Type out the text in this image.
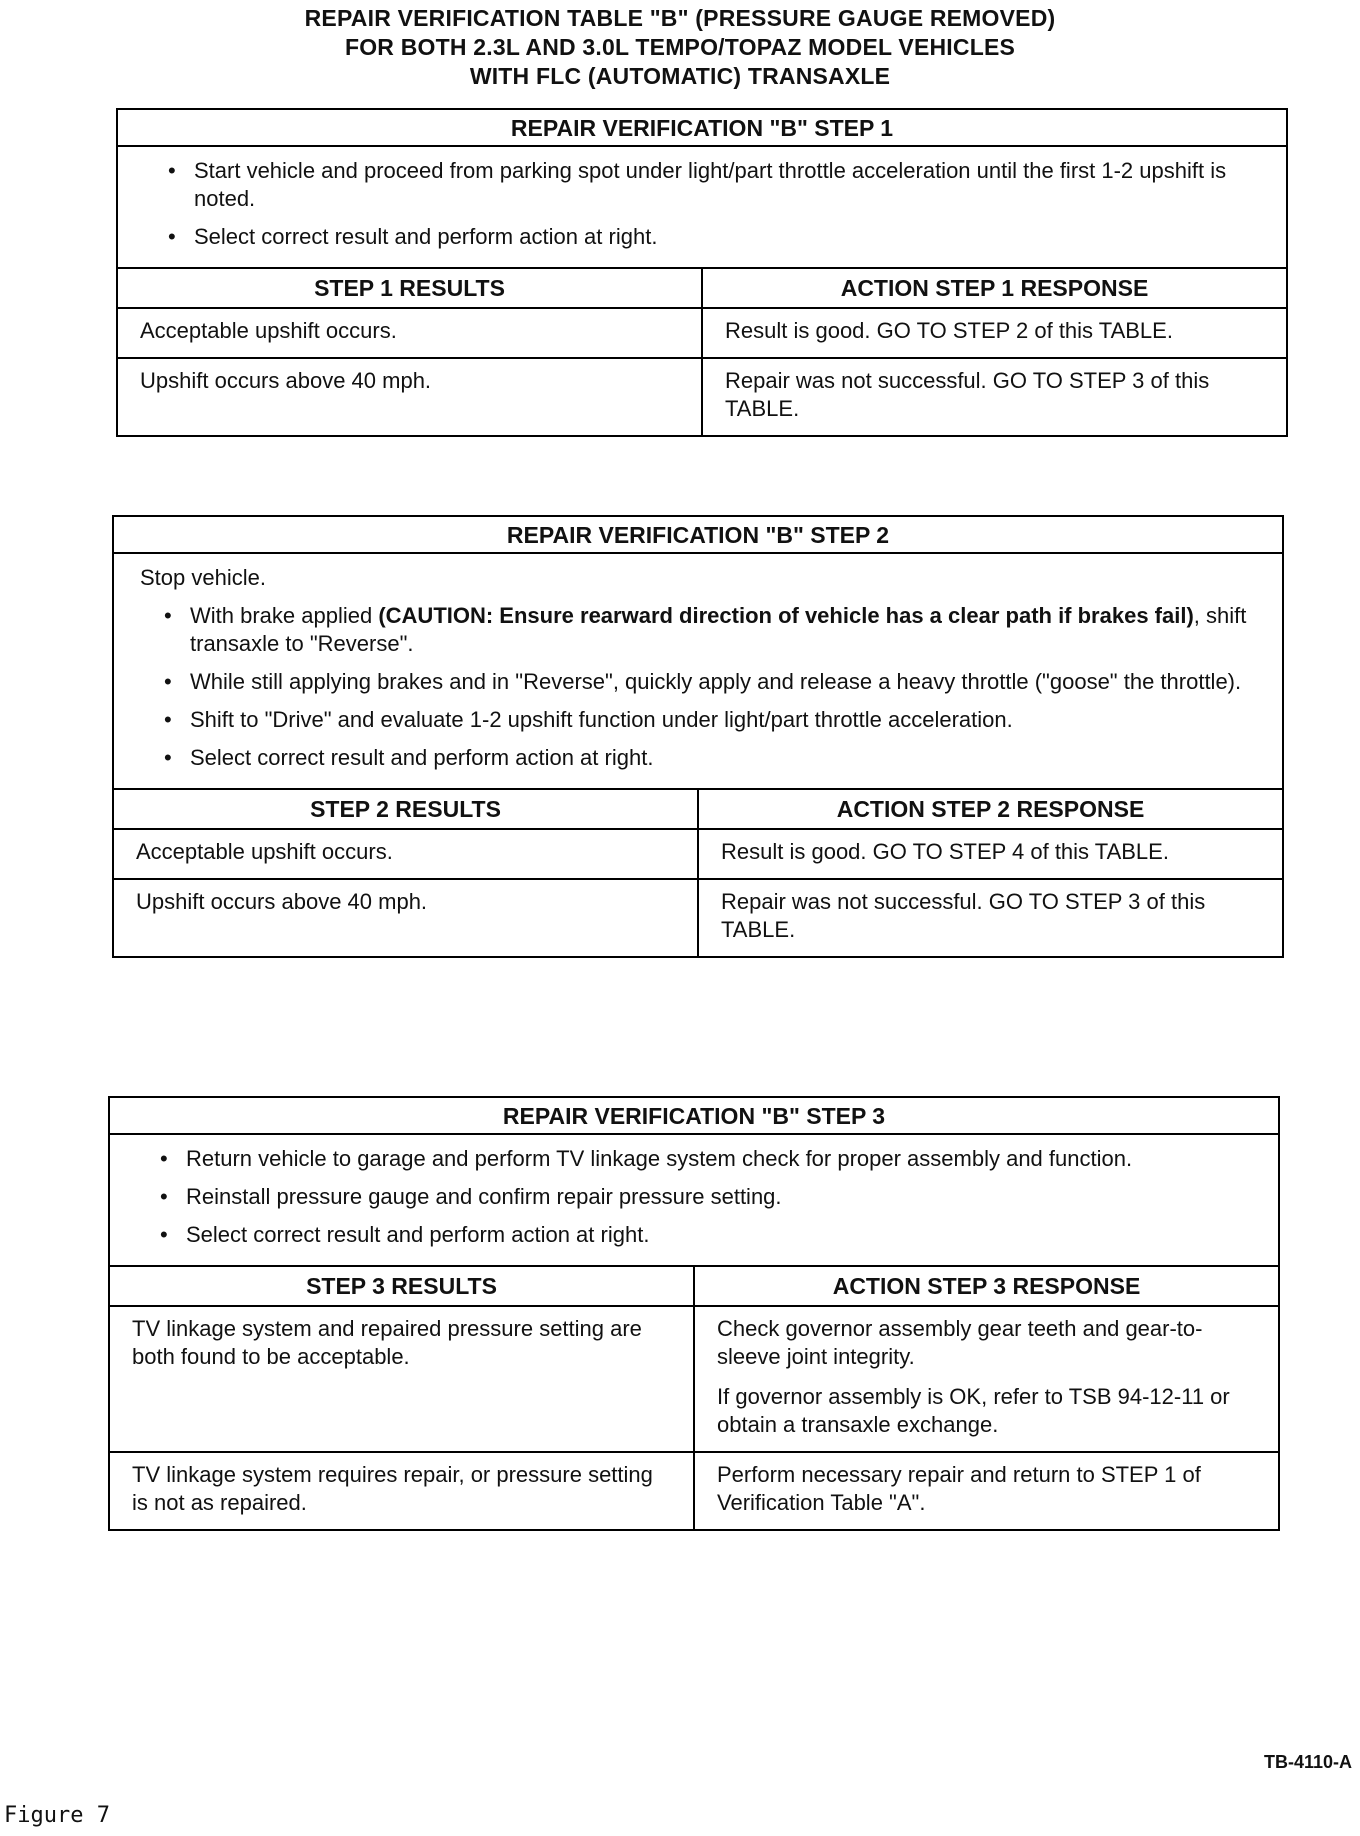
REPAIR VERIFICATION TABLE "B" (PRESSURE GAUGE REMOVED)
FOR BOTH 2.3L AND 3.0L TEMPO/TOPAZ MODEL VEHICLES
WITH FLC (AUTOMATIC) TRANSAXLE
REPAIR VERIFICATION "B" STEP 1
• Start vehicle and proceed from parking spot under light/part throttle acceleration until the first 1-2 upshift is noted.
• Select correct result and perform action at right.
STEP 1 RESULTS	ACTION STEP 1 RESPONSE
Acceptable upshift occurs.	Result is good. GO TO STEP 2 of this TABLE.
Upshift occurs above 40 mph.	Repair was not successful. GO TO STEP 3 of this TABLE.
REPAIR VERIFICATION "B" STEP 2
Stop vehicle.
• With brake applied (CAUTION: Ensure rearward direction of vehicle has a clear path if brakes fail), shift transaxle to "Reverse".
• While still applying brakes and in "Reverse", quickly apply and release a heavy throttle ("goose" the throttle).
• Shift to "Drive" and evaluate 1-2 upshift function under light/part throttle acceleration.
• Select correct result and perform action at right.
STEP 2 RESULTS	ACTION STEP 2 RESPONSE
Acceptable upshift occurs.	Result is good. GO TO STEP 4 of this TABLE.
Upshift occurs above 40 mph.	Repair was not successful. GO TO STEP 3 of this TABLE.
REPAIR VERIFICATION "B" STEP 3
• Return vehicle to garage and perform TV linkage system check for proper assembly and function.
• Reinstall pressure gauge and confirm repair pressure setting.
• Select correct result and perform action at right.
STEP 3 RESULTS	ACTION STEP 3 RESPONSE
TV linkage system and repaired pressure setting are both found to be acceptable.	Check governor assembly gear teeth and gear-to-sleeve joint integrity.

If governor assembly is OK, refer to TSB 94-12-11 or obtain a transaxle exchange.

TV linkage system requires repair, or pressure setting is not as repaired.	Perform necessary repair and return to STEP 1 of Verification Table "A".
TB-4110-A
Figure 7
